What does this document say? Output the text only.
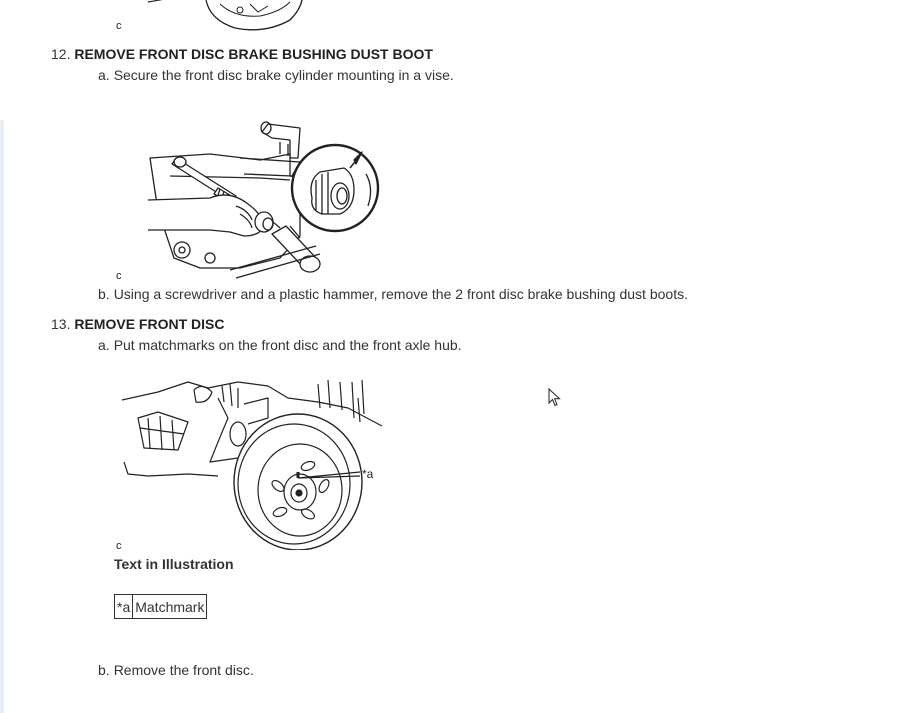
c
12. REMOVE FRONT DISC BRAKE BUSHING DUST BOOT
a. Secure the front disc brake cylinder mounting in a vise.
c
b. Using a screwdriver and a plastic hammer, remove the 2 front disc brake bushing dust boots.
13. REMOVE FRONT DISC
a. Put matchmarks on the front disc and the front axle hub.
*a
c
Text in Illustration
*a	Matchmark
b. Remove the front disc.
